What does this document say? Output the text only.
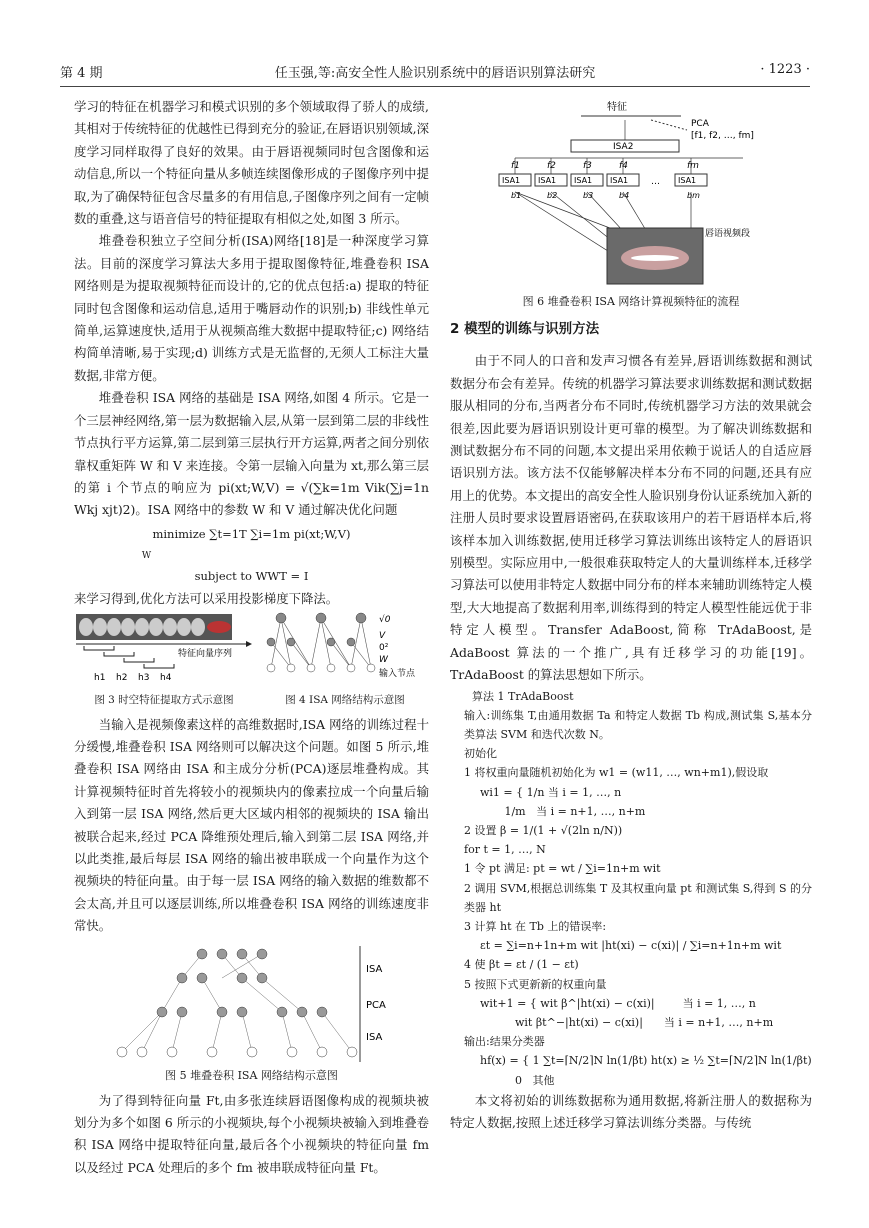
第 4 期	任玉强,等:高安全性人脸识别系统中的唇语识别算法研究	· 1223 ·

学习的特征在机器学习和模式识别的多个领域取得了骄人的成绩,其相对于传统特征的优越性已得到充分的验证,在唇语识别领域,深度学习同样取得了良好的效果。由于唇语视频同时包含图像和运动信息,所以一个特征向量从多帧连续图像形成的子图像序列中提取,为了确保特征包含尽量多的有用信息,子图像序列之间有一定帧数的重叠,这与语音信号的特征提取有相似之处,如图 3 所示。

堆叠卷积独立子空间分析(ISA)网络[18]是一种深度学习算法。目前的深度学习算法大多用于提取图像特征,堆叠卷积 ISA 网络则是为提取视频特征而设计的,它的优点包括:a) 提取的特征同时包含图像和运动信息,适用于嘴唇动作的识别;b) 非线性单元简单,运算速度快,适用于从视频高维大数据中提取特征;c) 网络结构简单清晰,易于实现;d) 训练方式是无监督的,无须人工标注大量数据,非常方便。

堆叠卷积 ISA 网络的基础是 ISA 网络,如图 4 所示。它是一个三层神经网络,第一层为数据输入层,从第一层到第二层的非线性节点执行平方运算,第二层到第三层执行开方运算,两者之间分别依靠权重矩阵 W 和 V 来连接。令第一层输入向量为 xt,那么第三层的第 i 个节点的响应为 pi(xt;W,V) = √(∑k=1m Vik(∑j=1n Wkj xjt)2)。ISA 网络中的参数 W 和 V 通过解决优化问题

minimize ∑t=1T ∑i=1m pi(xt;W,V)
W
subject to WWT = I

来学习得到,优化方法可以采用投影梯度下降法。

h1 h2 h3 h4
特征向量序列
图 3 时空特征提取方式示意图
√0
V
0²
W
输入节点
图 4 ISA 网络结构示意图

当输入是视频像素这样的高维数据时,ISA 网络的训练过程十分缓慢,堆叠卷积 ISA 网络则可以解决这个问题。如图 5 所示,堆叠卷积 ISA 网络由 ISA 和主成分分析(PCA)逐层堆叠构成。其计算视频特征时首先将较小的视频块内的像素拉成一个向量后输入到第一层 ISA 网络,然后更大区域内相邻的视频块的 ISA 输出被联合起来,经过 PCA 降维预处理后,输入到第二层 ISA 网络,并以此类推,最后每层 ISA 网络的输出被串联成一个向量作为这个视频块的特征向量。由于每一层 ISA 网络的输入数据的维数都不会太高,并且可以逐层训练,所以堆叠卷积 ISA 网络的训练速度非常快。

ISA
PCA
ISA
图 5 堆叠卷积 ISA 网络结构示意图

为了得到特征向量 Ft,由多张连续唇语图像构成的视频块被划分为多个如图 6 所示的小视频块,每个小视频块被输入到堆叠卷积 ISA 网络中提取特征向量,最后各个小视频块的特征向量 fm 以及经过 PCA 处理后的多个 fm 被串联成特征向量 Ft。

特征
PCA
[f1, f2, …, fm]
ISA2
f1	f2	f3	f4	fm
ISA1 ISA1 ISA1 ISA1	ISA1
…
b1	b2	b3	b4	bm
唇语视频段
图 6 堆叠卷积 ISA 网络计算视频特征的流程
2 模型的训练与识别方法

由于不同人的口音和发声习惯各有差异,唇语训练数据和测试数据分布会有差异。传统的机器学习算法要求训练数据和测试数据服从相同的分布,当两者分布不同时,传统机器学习方法的效果就会很差,因此要为唇语识别设计更可靠的模型。为了解决训练数据和测试数据分布不同的问题,本文提出采用依赖于说话人的自适应唇语识别方法。该方法不仅能够解决样本分布不同的问题,还具有应用上的优势。本文提出的高安全性人脸识别身份认证系统加入新的注册人员时要求设置唇语密码,在获取该用户的若干唇语样本后,将该样本加入训练数据,使用迁移学习算法训练出该特定人的唇语识别模型。实际应用中,一般很难获取特定人的大量训练样本,迁移学习算法可以使用非特定人数据中同分布的样本来辅助训练特定人模型,大大地提高了数据利用率,训练得到的特定人模型性能远优于非特定人模型。Transfer AdaBoost,简称 TrAdaBoost,是 AdaBoost 算法的一个推广,具有迁移学习的功能[19]。TrAdaBoost 的算法思想如下所示。

算法 1 TrAdaBoost
输入:训练集 T,由通用数据 Ta 和特定人数据 Tb 构成,测试集 S,基本分类算法 SVM 和迭代次数 N。
初始化
1 将权重向量随机初始化为 w1 = (w11, …, wn+m1),假设取
wi1 = { 1/n 当 i = 1, …, n
1/m   当 i = n+1, …, n+m
2 设置 β = 1/(1 + √(2ln n/N))
for t = 1, …, N
1 令 pt 满足: pt = wt / ∑i=1n+m wit
2 调用 SVM,根据总训练集 T 及其权重向量 pt 和测试集 S,得到 S 的分类器 ht
3 计算 ht 在 Tb 上的错误率:
εt = ∑i=n+1n+m wit |ht(xi) − c(xi)| / ∑i=n+1n+m wit
4 使 βt = εt / (1 − εt)
5 按照下式更新新的权重向量
wit+1 = { wit β^|ht(xi) − c(xi)|        当 i = 1, …, n
wit βt^−|ht(xi) − c(xi)|      当 i = n+1, …, n+m
输出:结果分类器
hf(x) = { 1 ∑t=⌈N/2⌉N ln(1/βt) ht(x) ≥ ½ ∑t=⌈N/2⌉N ln(1/βt)
0   其他

本文将初始的训练数据称为通用数据,将新注册人的数据称为特定人数据,按照上述迁移学习算法训练分类器。与传统
